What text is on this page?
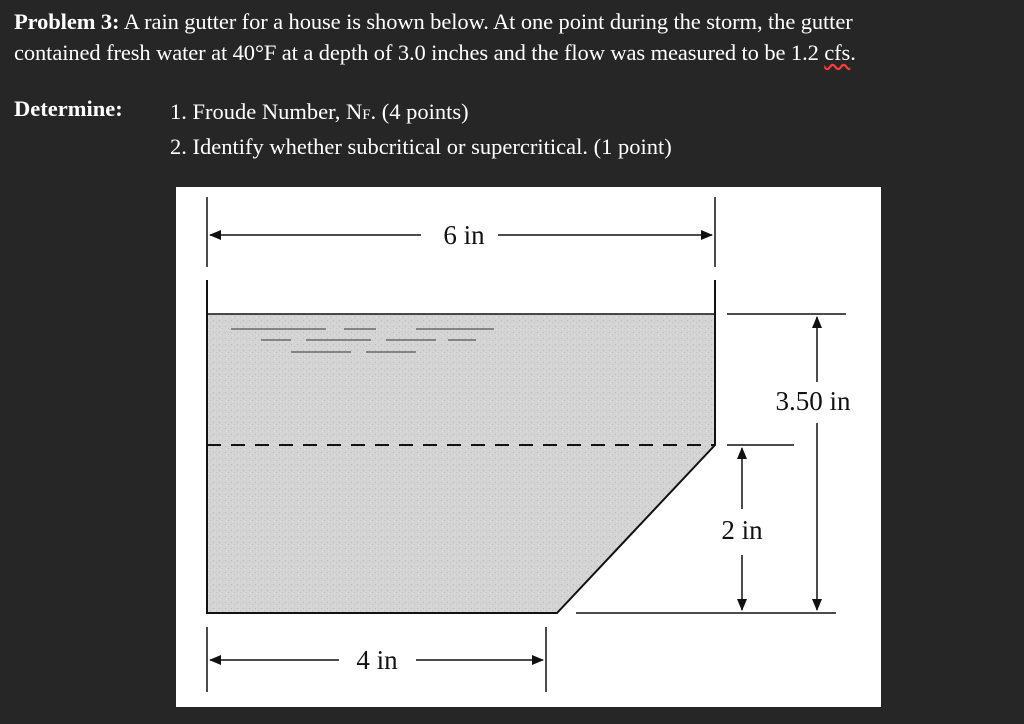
Problem 3: A rain gutter for a house is shown below. At one point during the storm, the gutter
contained fresh water at 40°F at a depth of 3.0 inches and the flow was measured to be 1.2 cfs.
Determine: 1. Froude Number, NF. (4 points)
2. Identify whether subcritical or supercritical. (1 point)
6 in
4 in
3.50 in
2 in
